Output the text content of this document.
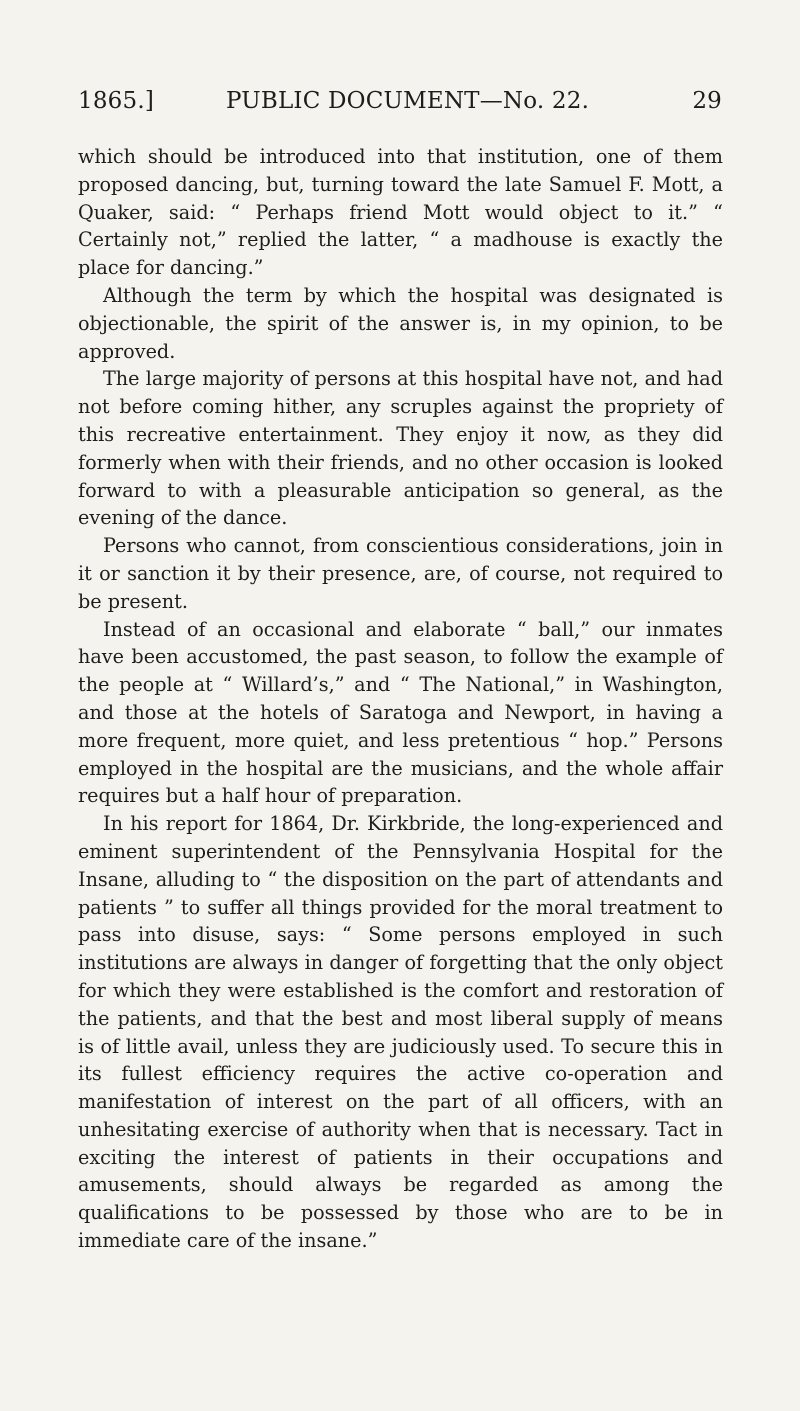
1865.]	PUBLIC DOCUMENT—No. 22.	29

which should be introduced into that institution, one of them proposed dancing, but, turning toward the late Samuel F. Mott, a Quaker, said: “ Perhaps friend Mott would object to it.” “ Certainly not,” replied the latter, “ a madhouse is exactly the place for dancing.”

Although the term by which the hospital was designated is objectionable, the spirit of the answer is, in my opinion, to be approved.

The large majority of persons at this hospital have not, and had not before coming hither, any scruples against the propriety of this recreative entertainment. They enjoy it now, as they did formerly when with their friends, and no other occasion is looked forward to with a pleasurable anticipation so general, as the evening of the dance.

Persons who cannot, from conscientious considerations, join in it or sanction it by their presence, are, of course, not required to be present.

Instead of an occasional and elaborate “ ball,” our inmates have been accustomed, the past season, to follow the example of the people at “ Willard’s,” and “ The National,” in Washington, and those at the hotels of Saratoga and Newport, in having a more frequent, more quiet, and less pretentious “ hop.” Persons employed in the hospital are the musicians, and the whole affair requires but a half hour of preparation.

In his report for 1864, Dr. Kirkbride, the long-experienced and eminent superintendent of the Pennsylvania Hospital for the Insane, alluding to “ the disposition on the part of attendants and patients ” to suffer all things provided for the moral treatment to pass into disuse, says: “ Some persons employed in such institutions are always in danger of forgetting that the only object for which they were established is the comfort and restoration of the patients, and that the best and most liberal supply of means is of little avail, unless they are judiciously used. To secure this in its fullest efficiency requires the active co-operation and manifestation of interest on the part of all officers, with an unhesitating exercise of authority when that is necessary. Tact in exciting the interest of patients in their occupations and amusements, should always be regarded as among the qualifications to be possessed by those who are to be in immediate care of the insane.”
